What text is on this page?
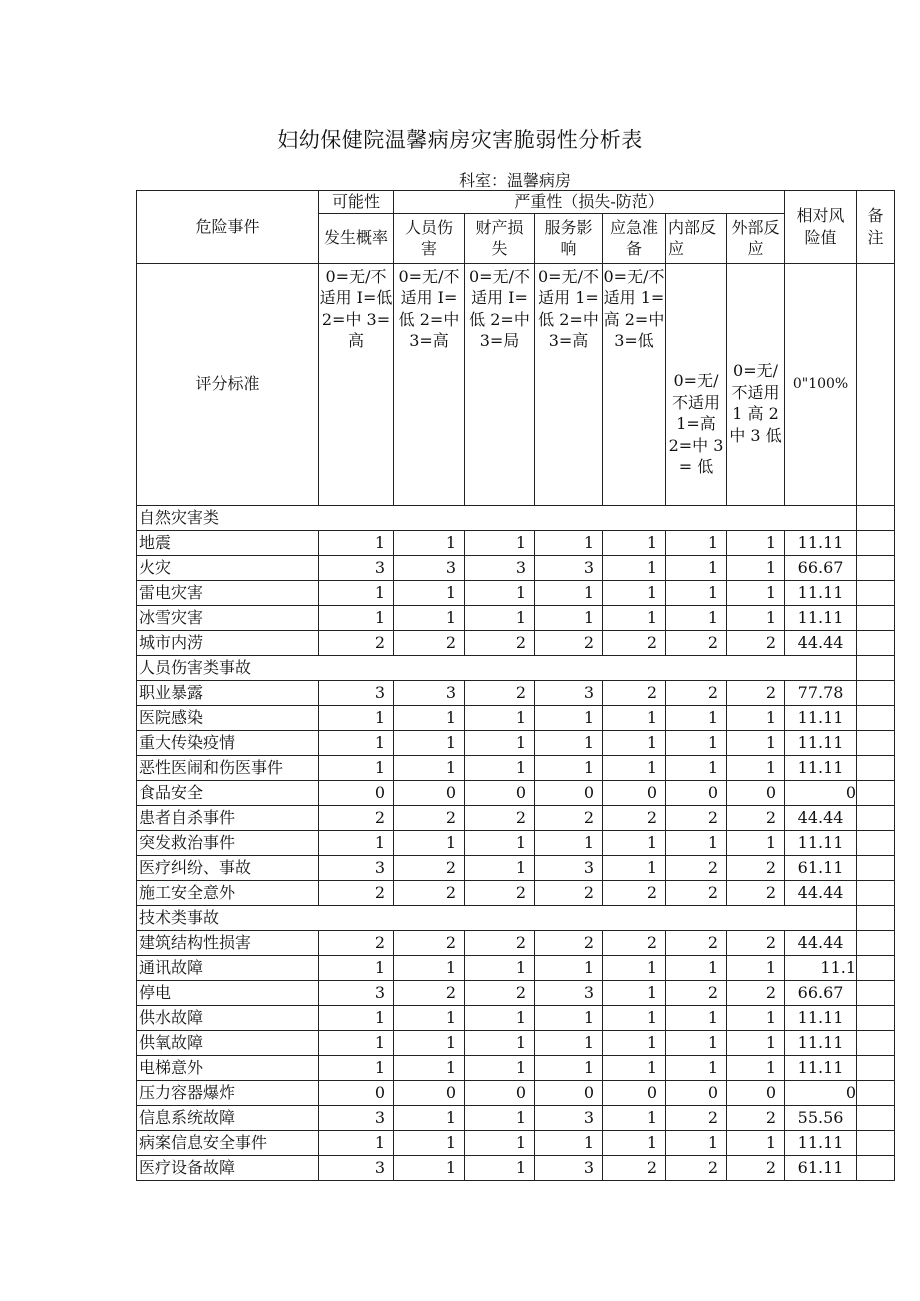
妇幼保健院温馨病房灾害脆弱性分析表
科室：温馨病房
危险事件	可能性	严重性（损失-防范）						相对风险值	备注
	发生概率	人员伤害	财产损失	服务影响	应急准备	内部反应	外部反应		
评分标准	0=无/不适用 I=低 2=中 3=高	0=无/不适用 I=低 2=中 3=高	0=无/不适用 I=低 2=中 3=局	0=无/不适用 1=低 2=中 3=高	0=无/不适用 1=高 2=中 3=低	0=无/不适用 1=高 2=中 3 = 低	0=无/不适用 1 高 2 中 3 低	0"100%	
自然灾害类									
地震	1	1	1	1	1	1	1	11.11	
火灾	3	3	3	3	1	1	1	66.67	
雷电灾害	1	1	1	1	1	1	1	11.11	
冰雪灾害	1	1	1	1	1	1	1	11.11	
城市内涝	2	2	2	2	2	2	2	44.44	
人员伤害类事故									
职业暴露	3	3	2	3	2	2	2	77.78	
医院感染	1	1	1	1	1	1	1	11.11	
重大传染疫情	1	1	1	1	1	1	1	11.11	
恶性医闹和伤医事件	1	1	1	1	1	1	1	11.11	
食品安全	0	0	0	0	0	0	0	0	
患者自杀事件	2	2	2	2	2	2	2	44.44	
突发救治事件	1	1	1	1	1	1	1	11.11	
医疗纠纷、事故	3	2	1	3	1	2	2	61.11	
施工安全意外	2	2	2	2	2	2	2	44.44	
技术类事故									
建筑结构性损害	2	2	2	2	2	2	2	44.44	
通讯故障	1	1	1	1	1	1	1	11.1	
停电	3	2	2	3	1	2	2	66.67	
供水故障	1	1	1	1	1	1	1	11.11	
供氧故障	1	1	1	1	1	1	1	11.11	
电梯意外	1	1	1	1	1	1	1	11.11	
压力容器爆炸	0	0	0	0	0	0	0	0	
信息系统故障	3	1	1	3	1	2	2	55.56	
病案信息安全事件	1	1	1	1	1	1	1	11.11	
医疗设备故障	3	1	1	3	2	2	2	61.11	
